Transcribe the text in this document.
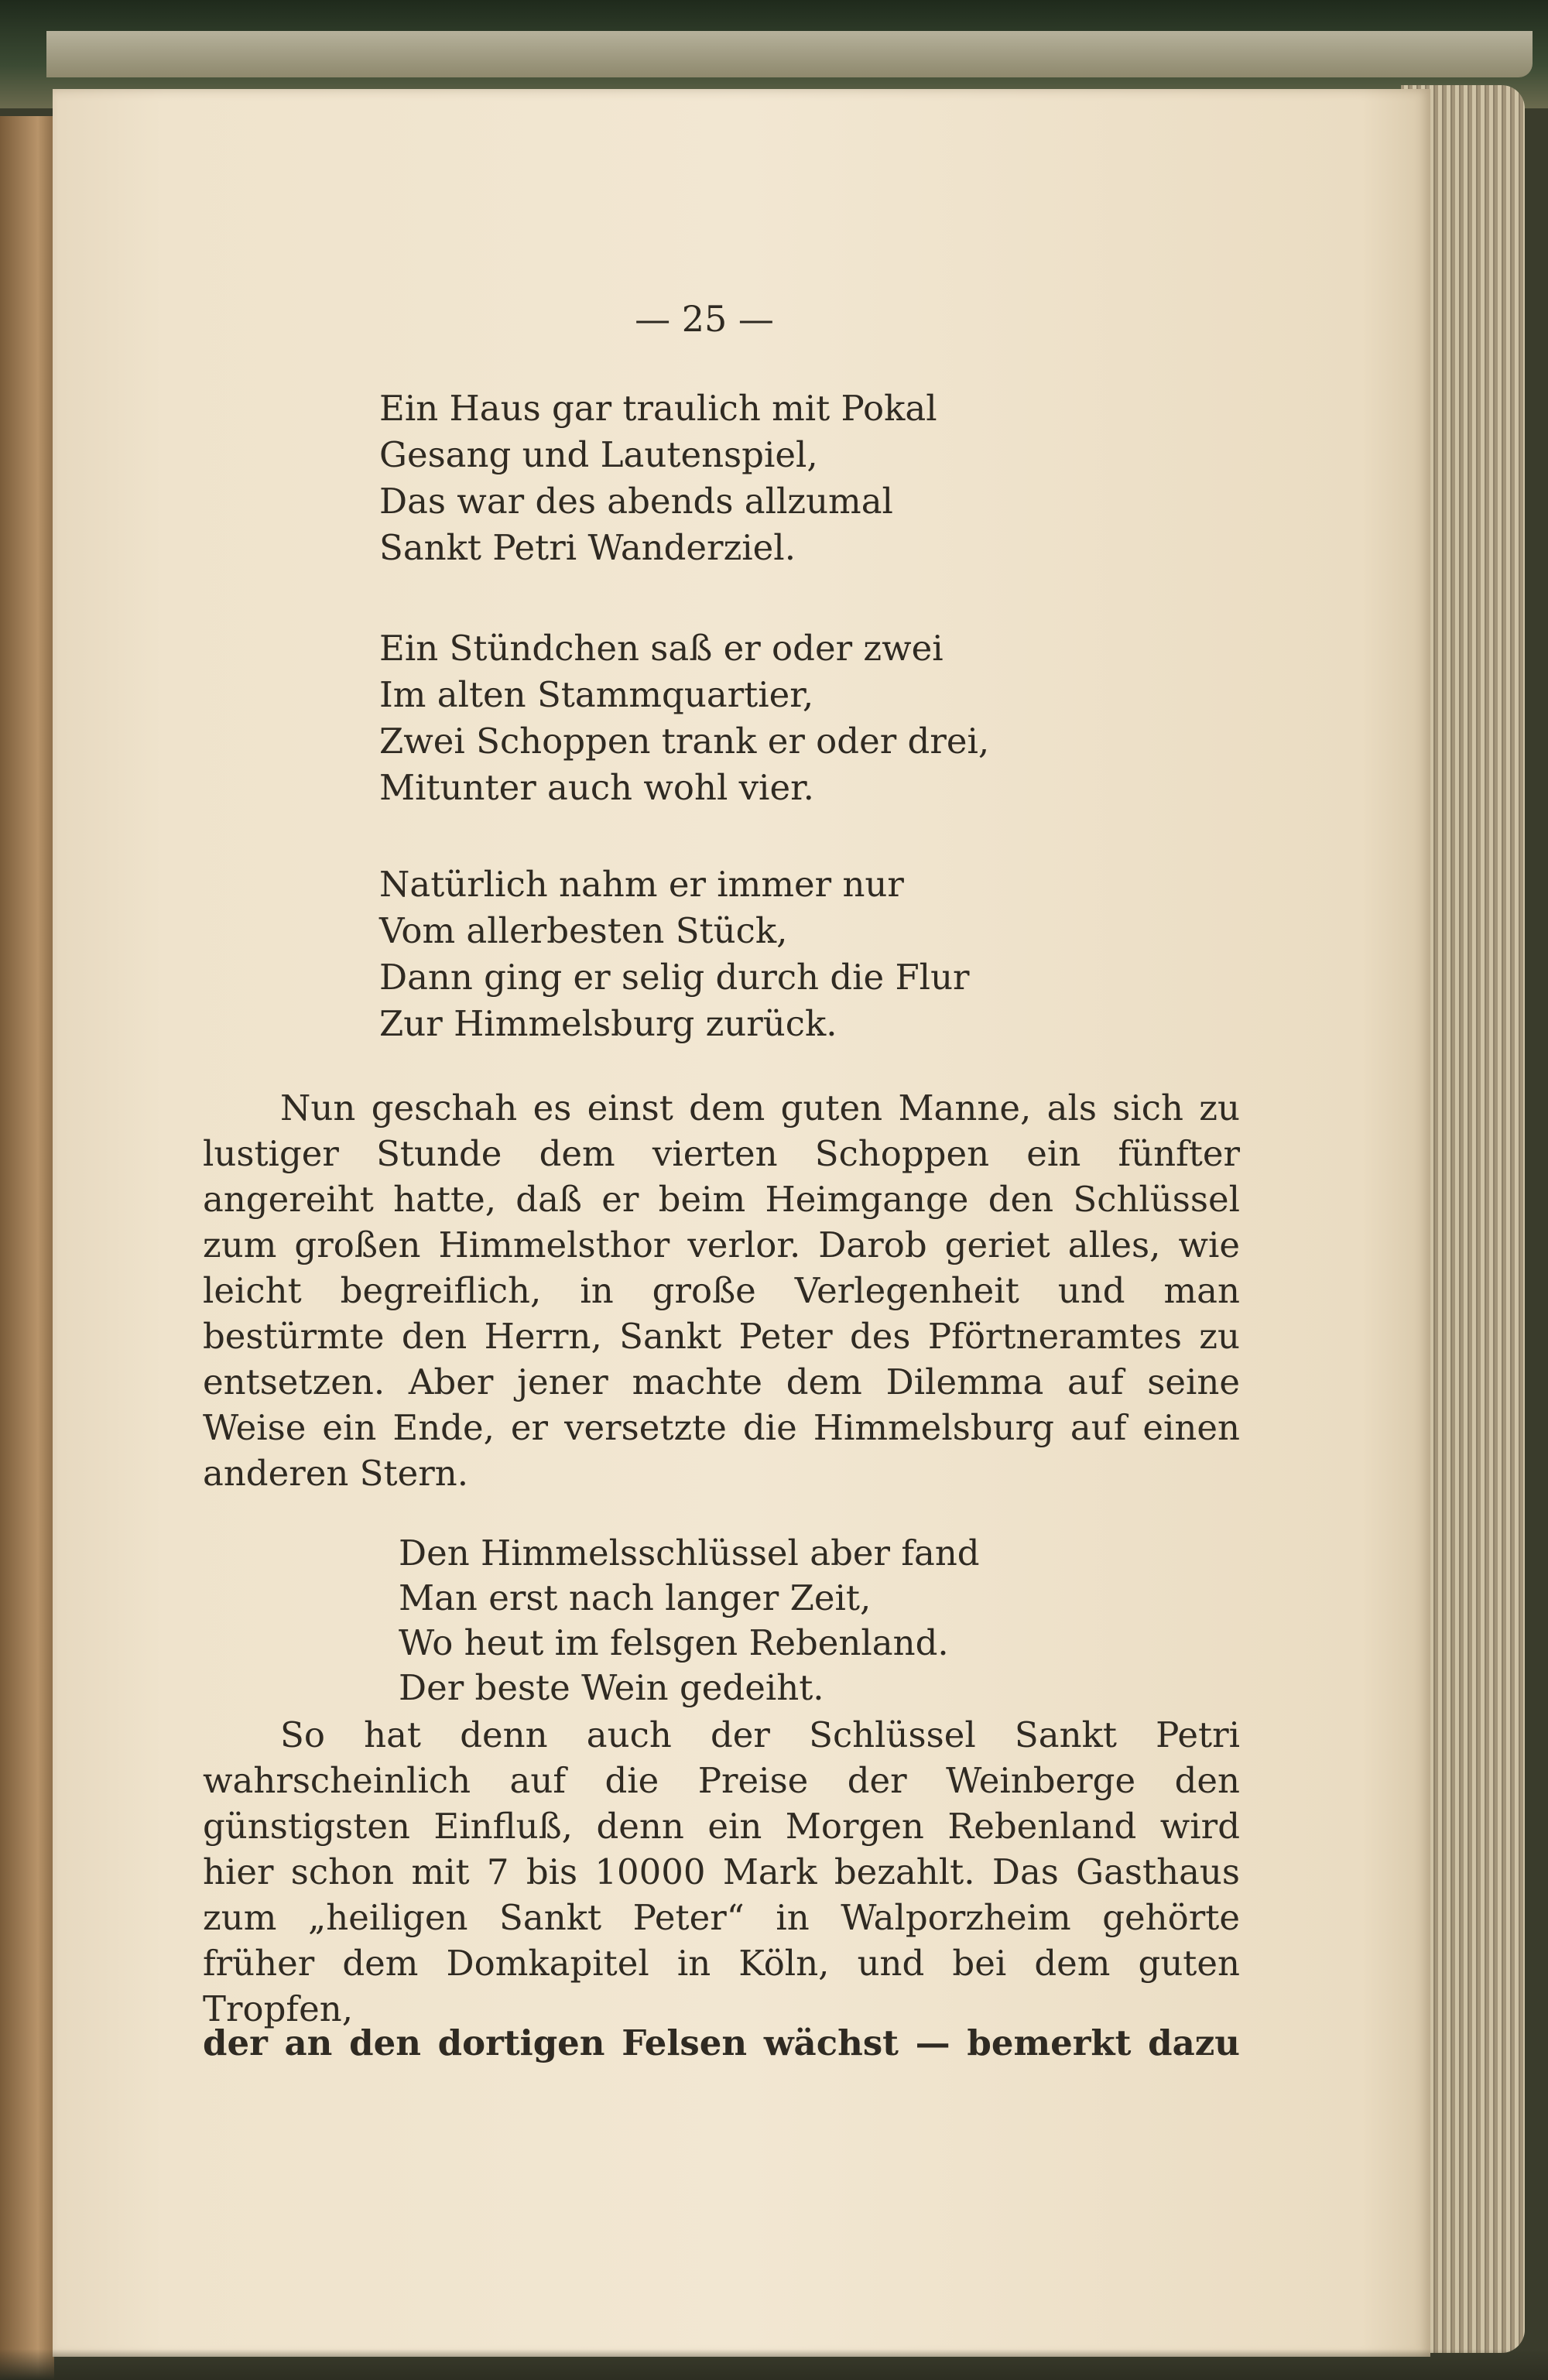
— 25 —
Ein Haus gar traulich mit Pokal
Gesang und Lautenspiel,
Das war des abends allzumal
Sankt Petri Wanderziel.
Ein Stündchen saß er oder zwei
Im alten Stammquartier,
Zwei Schoppen trank er oder drei,
Mitunter auch wohl vier.
Natürlich nahm er immer nur
Vom allerbesten Stück,
Dann ging er selig durch die Flur
Zur Himmelsburg zurück.

Nun geschah es einst dem guten Manne, als sich zu lustiger Stunde dem vierten Schoppen ein fünfter angereiht hatte, daß er beim Heimgange den Schlüssel zum großen Himmelsthor verlor. Darob geriet alles, wie leicht begreiflich, in große Verlegenheit und man bestürmte den Herrn, Sankt Peter des Pförtneramtes zu entsetzen. Aber jener machte dem Dilemma auf seine Weise ein Ende, er versetzte die Himmelsburg auf einen anderen Stern.

Den Himmelsschlüssel aber fand
Man erst nach langer Zeit,
Wo heut im felsgen Rebenland.
Der beste Wein gedeiht.

So hat denn auch der Schlüssel Sankt Petri wahrscheinlich auf die Preise der Weinberge den günstigsten Einfluß, denn ein Morgen Rebenland wird hier schon mit 7 bis 10000 Mark bezahlt. Das Gasthaus zum „heiligen Sankt Peter“ in Walporzheim gehörte früher dem Domkapitel in Köln, und bei dem guten Tropfen,

der an den dortigen Felsen wächst — bemerkt dazu
